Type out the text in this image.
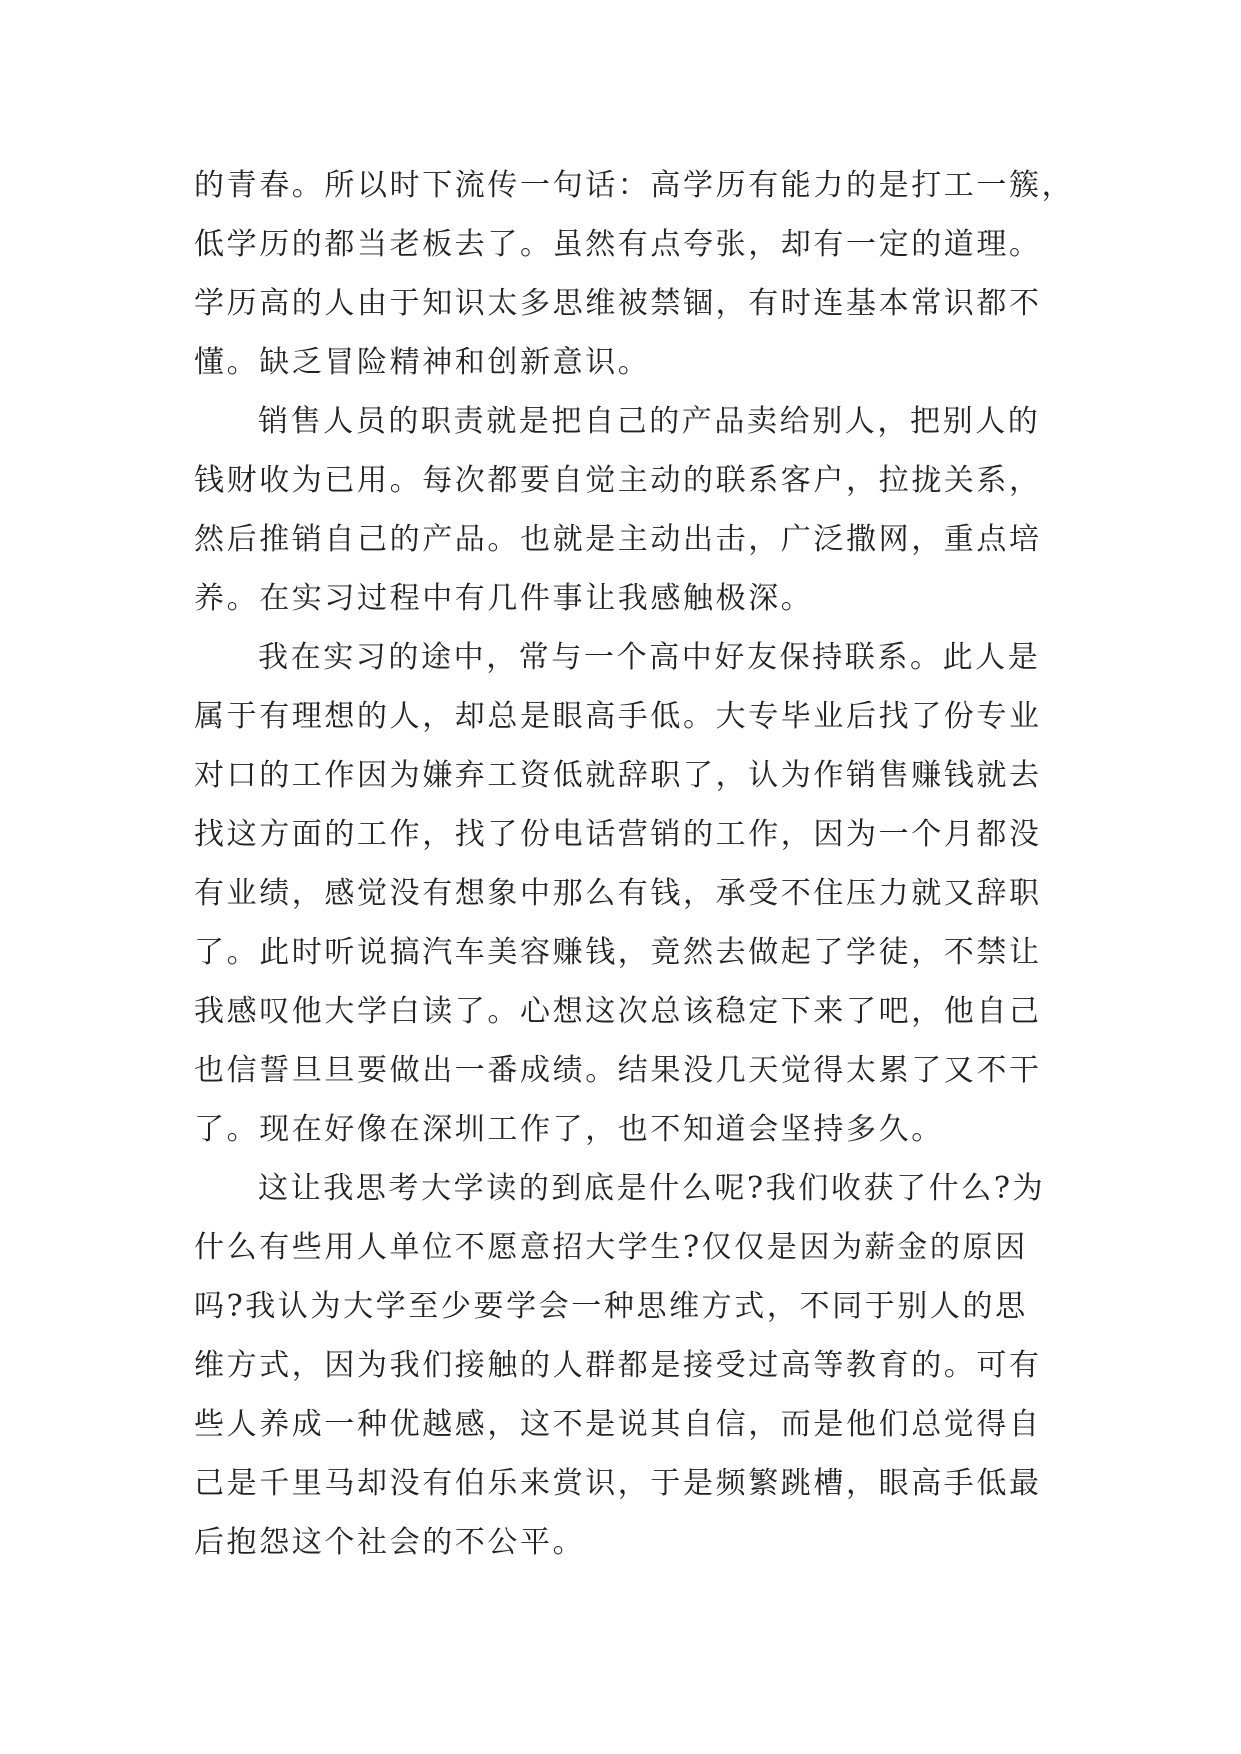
的青春。所以时下流传一句话：高学历有能力的是打工一簇，
低学历的都当老板去了。虽然有点夸张，却有一定的道理。
学历高的人由于知识太多思维被禁锢，有时连基本常识都不
懂。缺乏冒险精神和创新意识。
销售人员的职责就是把自己的产品卖给别人，把别人的
钱财收为已用。每次都要自觉主动的联系客户，拉拢关系，
然后推销自己的产品。也就是主动出击，广泛撒网，重点培
养。在实习过程中有几件事让我感触极深。
我在实习的途中，常与一个高中好友保持联系。此人是
属于有理想的人，却总是眼高手低。大专毕业后找了份专业
对口的工作因为嫌弃工资低就辞职了，认为作销售赚钱就去
找这方面的工作，找了份电话营销的工作，因为一个月都没
有业绩，感觉没有想象中那么有钱，承受不住压力就又辞职
了。此时听说搞汽车美容赚钱，竟然去做起了学徒，不禁让
我感叹他大学白读了。心想这次总该稳定下来了吧，他自己
也信誓旦旦要做出一番成绩。结果没几天觉得太累了又不干
了。现在好像在深圳工作了，也不知道会坚持多久。
这让我思考大学读的到底是什么呢?我们收获了什么?为
什么有些用人单位不愿意招大学生?仅仅是因为薪金的原因
吗?我认为大学至少要学会一种思维方式，不同于别人的思
维方式，因为我们接触的人群都是接受过高等教育的。可有
些人养成一种优越感，这不是说其自信，而是他们总觉得自
己是千里马却没有伯乐来赏识，于是频繁跳槽，眼高手低最
后抱怨这个社会的不公平。
